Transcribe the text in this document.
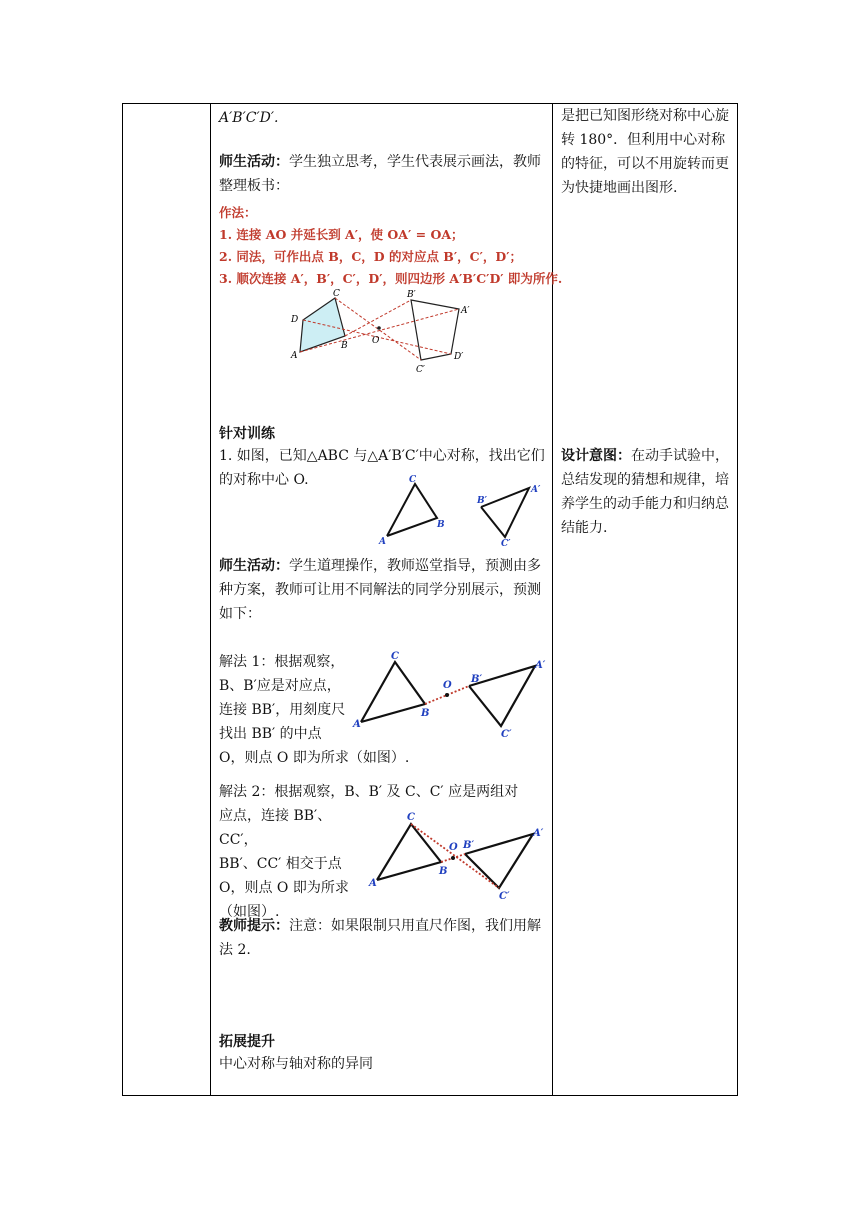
A′B′C′D′.
师生活动：学生独立思考，学生代表展示画法，教师整理板书：
作法：
1. 连接 AO 并延长到 A′，使 OA′ = OA；
2. 同法，可作出点 B，C，D 的对应点 B′，C′，D′；
3. 顺次连接 A′，B′，C′，D′，则四边形 A′B′C′D′ 即为所作.
C
D
A
B	O
B′
A′
D′
C′
针对训练
1. 如图，已知△ABC 与△A′B′C′中心对称，找出它们的对称中心 O.	C
A
B
B′
A′
C′
师生活动：学生道理操作，教师巡堂指导，预测由多种方案，教师可让用不同解法的同学分别展示，预测如下：
解法 1：根据观察，
B、B′应是对应点，
连接 BB′，用刻度尺
找出 BB′ 的中点
O，则点 O 即为所求（如图）.
C
A
B
O
B′
A′
C′
解法 2：根据观察，B、B′ 及 C、C′ 应是两组对
应点，连接 BB′、CC′，
BB′、CC′ 相交于点
O，则点 O 即为所求
（如图）.
C
A
B
O B′
A′
C′
教师提示：注意：如果限制只用直尺作图，我们用解法 2.
拓展提升
中心对称与轴对称的异同
是把已知图形绕对称中心旋转 180°．但利用中心对称的特征，可以不用旋转而更为快捷地画出图形.
设计意图：在动手试验中，总结发现的猜想和规律，培养学生的动手能力和归纳总结能力.
